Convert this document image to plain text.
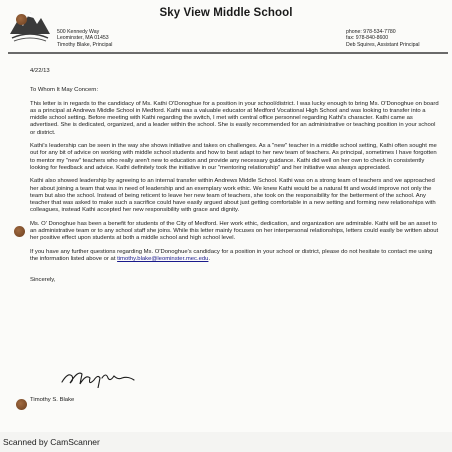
Sky View Middle School
500 Kennedy Way
Leominster, MA 01453
Timothy Blake, Principal
phone: 978-534-7780
fax: 978-840-8600
Deb Squires, Assistant Principal

4/22/13

To Whom It May Concern:

This letter is in regards to the candidacy of Ms. Kathi O'Donoghue for a position in your school/district. I was lucky enough to bring Ms. O'Donoghue on board as a principal at Andrews Middle School in Medford. Kathi was a valuable educator at Medford Vocational High School and was looking to transfer into a middle school setting. Before meeting with Kathi regarding the switch, I met with central office personnel regarding Kathi's character. Kathi came as advertised. She is dedicated, organized, and a leader within the school. She is easily recommended for an administrative or teaching position in your school or district.

Kathi's leadership can be seen in the way she shows initiative and takes on challenges. As a "new" teacher in a middle school setting, Kathi often sought me out for any bit of advice on working with middle school students and how to best adapt to her new team of teachers. As principal, sometimes I have forgotten to mentor my "new" teachers who really aren't new to education and provide any necessary guidance. Kathi did well on her own to check in consistently looking for feedback and advice. Kathi definitely took the initiative in our "mentoring relationship" and her initiative was always appreciated.

Kathi also showed leadership by agreeing to an internal transfer within Andrews Middle School. Kathi was on a strong team of teachers and we approached her about joining a team that was in need of leadership and an exemplary work ethic. We knew Kathi would be a natural fit and would improve not only the team but also the school. Instead of being reticent to leave her new team of teachers, she took on the responsibility for the betterment of the school. Any teacher that was asked to make such a sacrifice could have easily argued about just getting comfortable in a new setting and forming new relationships with colleagues, instead Kathi accepted her new responsibility with grace and dignity.

Ms. O' Donoghue has been a benefit for students of the City of Medford. Her work ethic, dedication, and organization are admirable. Kathi will be an asset to an administrative team or to any school staff she joins. While this letter mainly focuses on her interpersonal relationships, letters could easily be written about her positive effect upon students at both a middle school and high school level.

If you have any further questions regarding Ms. O'Donoghue's candidacy for a position in your school or district, please do not hesitate to contact me using the information listed above or at timothy.blake@leominster.mec.edu.

Sincerely,

Timothy S. Blake
Scanned by CamScanner
